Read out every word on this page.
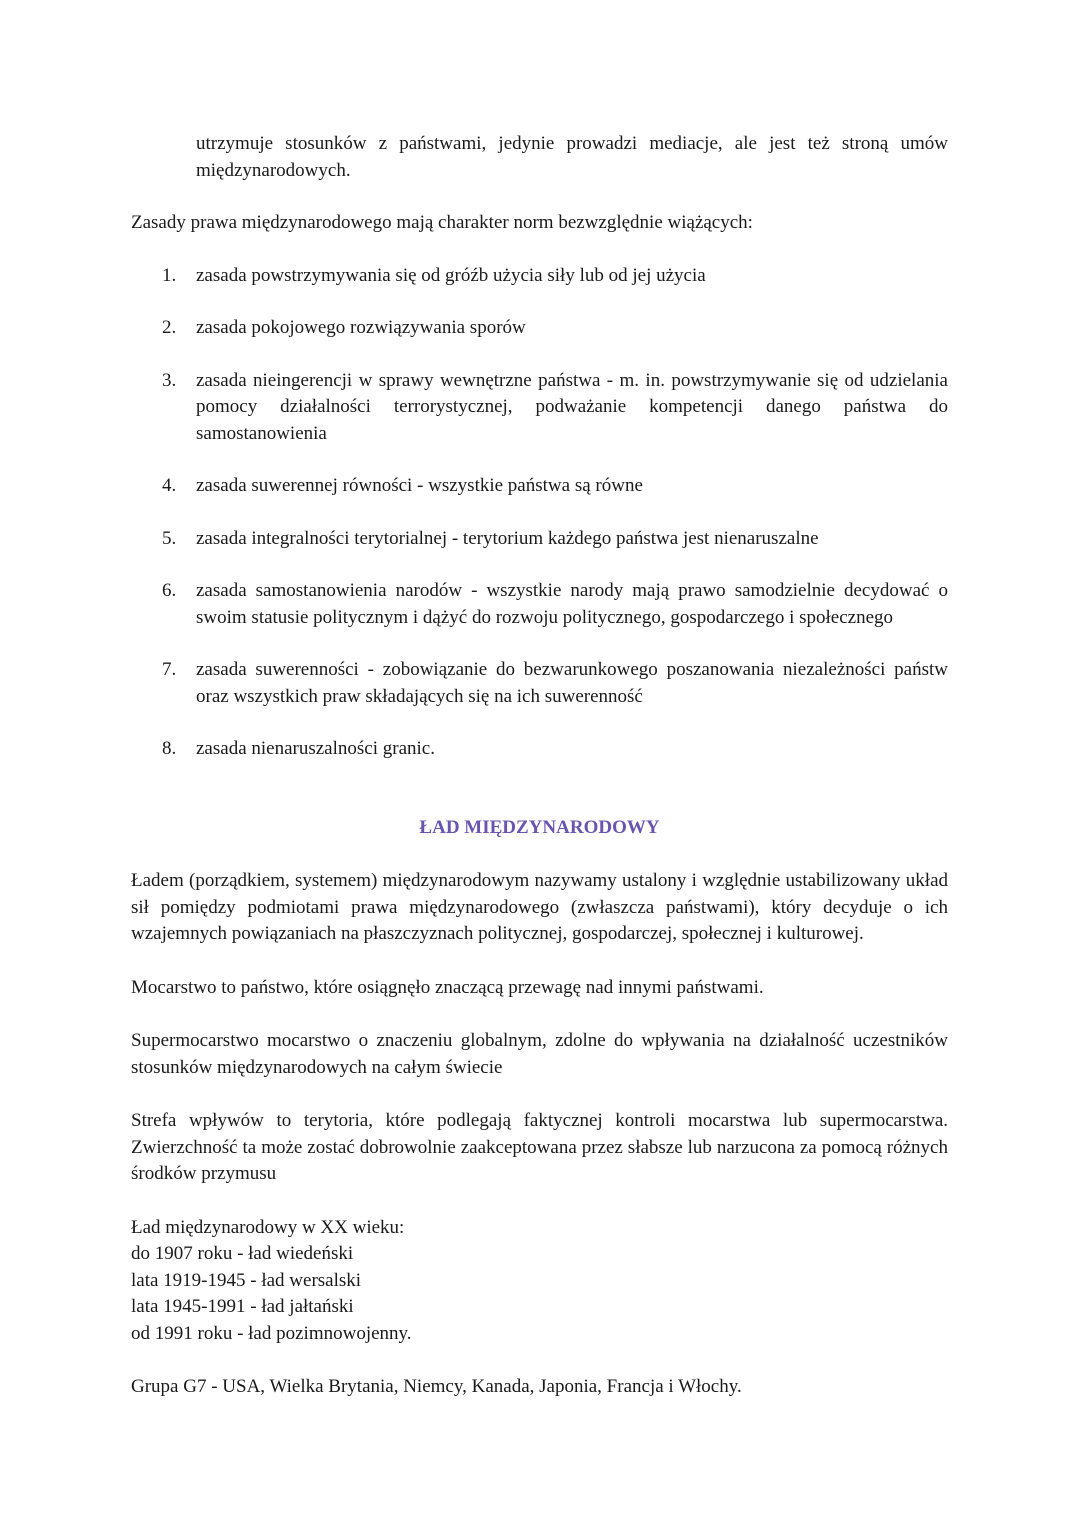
utrzymuje stosunków z państwami, jedynie prowadzi mediacje, ale jest też stroną umów międzynarodowych.

Zasady prawa międzynarodowego mają charakter norm bezwzględnie wiążących:

1. zasada powstrzymywania się od gróźb użycia siły lub od jej użycia
2. zasada pokojowego rozwiązywania sporów
3. zasada nieingerencji w sprawy wewnętrzne państwa - m. in. powstrzymywanie się od udzielania pomocy działalności terrorystycznej, podważanie kompetencji danego państwa do samostanowienia
4. zasada suwerennej równości - wszystkie państwa są równe
5. zasada integralności terytorialnej - terytorium każdego państwa jest nienaruszalne
6. zasada samostanowienia narodów - wszystkie narody mają prawo samodzielnie decydować o swoim statusie politycznym i dążyć do rozwoju politycznego, gospodarczego i społecznego
7. zasada suwerenności - zobowiązanie do bezwarunkowego poszanowania niezależności państw oraz wszystkich praw składających się na ich suwerenność
8. zasada nienaruszalności granic.
ŁAD MIĘDZYNARODOWY

Ładem (porządkiem, systemem) międzynarodowym nazywamy ustalony i względnie ustabilizowany układ sił pomiędzy podmiotami prawa międzynarodowego (zwłaszcza państwami), który decyduje o ich wzajemnych powiązaniach na płaszczyznach politycznej, gospodarczej, społecznej i kulturowej.

Mocarstwo to państwo, które osiągnęło znaczącą przewagę nad innymi państwami.

Supermocarstwo mocarstwo o znaczeniu globalnym, zdolne do wpływania na działalność uczestników stosunków międzynarodowych na całym świecie

Strefa wpływów to terytoria, które podlegają faktycznej kontroli mocarstwa lub supermocarstwa. Zwierzchność ta może zostać dobrowolnie zaakceptowana przez słabsze lub narzucona za pomocą różnych środków przymusu

Ład międzynarodowy w XX wieku:
do 1907 roku - ład wiedeński
lata 1919-1945 - ład wersalski
lata 1945-1991 - ład jałtański
od 1991 roku - ład pozimnowojenny.

Grupa G7 - USA, Wielka Brytania, Niemcy, Kanada, Japonia, Francja i Włochy.
